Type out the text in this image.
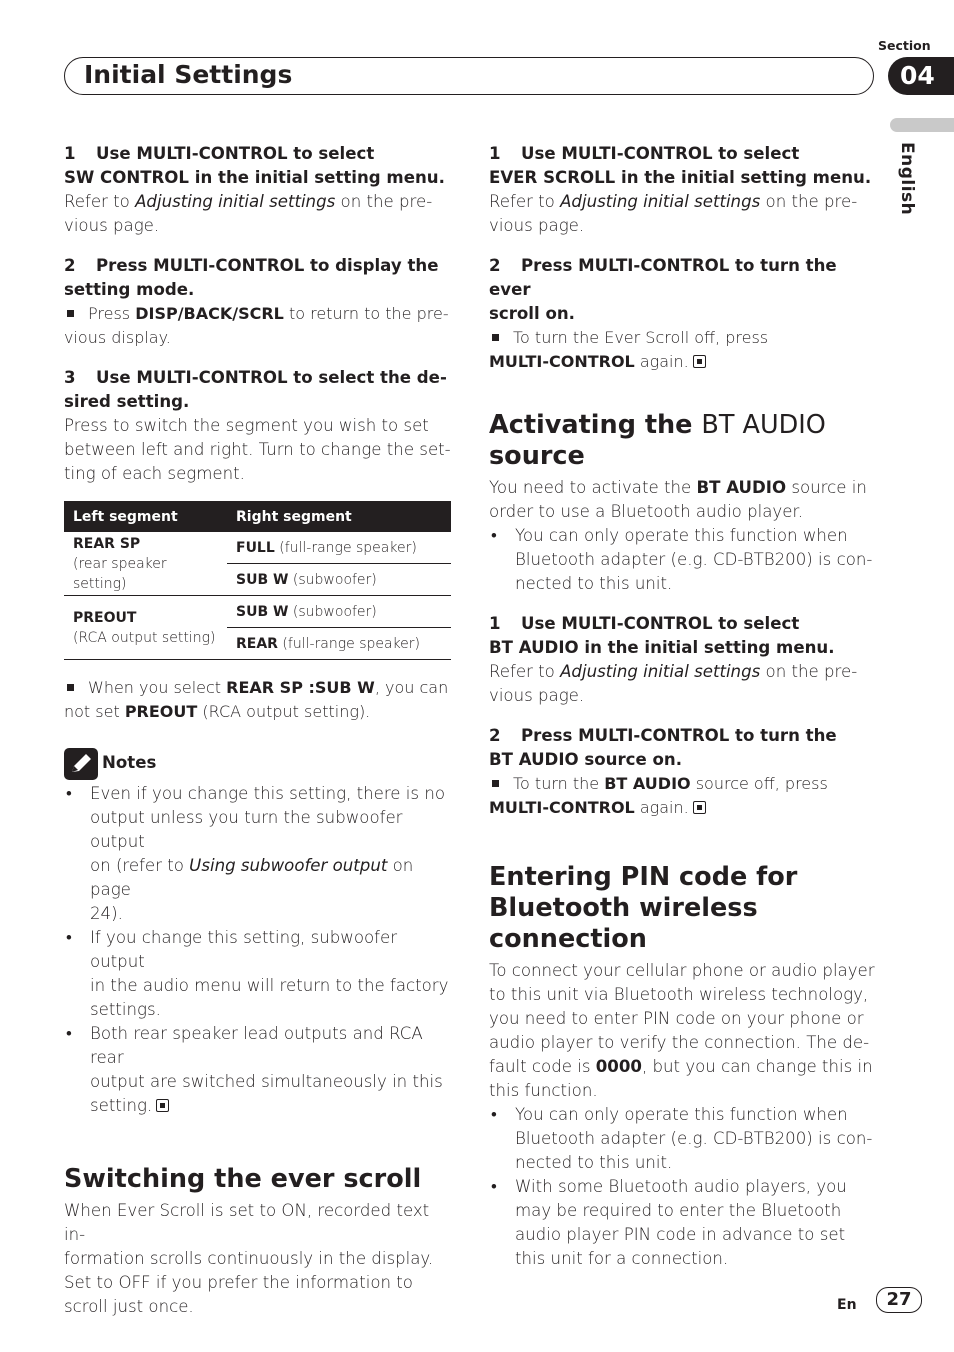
Section
Initial Settings	04
English
1 Use MULTI-CONTROL to select
SW CONTROL in the initial setting menu.
Refer to Adjusting initial settings on the pre-
vious page.
2 Press MULTI-CONTROL to display the
setting mode.
Press DISP/BACK/SCRL to return to the pre-
vious display.
3 Use MULTI-CONTROL to select the de-
sired setting.
Press to switch the segment you wish to set
between left and right. Turn to change the set-
ting of each segment.
Left segment	Right segment
REAR SP
(rear speaker setting)	FULL (full-range speaker)
	SUB W (subwoofer)
PREOUT
(RCA output setting)	SUB W (subwoofer)
	REAR (full-range speaker)
When you select REAR SP :SUB W, you can
not set PREOUT (RCA output setting).
Notes
• Even if you change this setting, there is no
output unless you turn the subwoofer output
on (refer to Using subwoofer output on page
24).
• If you change this setting, subwoofer output
in the audio menu will return to the factory
settings.
• Both rear speaker lead outputs and RCA rear
output are switched simultaneously in this
setting.
Switching the ever scroll
When Ever Scroll is set to ON, recorded text in-
formation scrolls continuously in the display.
Set to OFF if you prefer the information to
scroll just once.
1 Use MULTI-CONTROL to select
EVER SCROLL in the initial setting menu.
Refer to Adjusting initial settings on the pre-
vious page.
2 Press MULTI-CONTROL to turn the ever
scroll on.
To turn the Ever Scroll off, press
MULTI-CONTROL again.
Activating the BT AUDIO source
You need to activate the BT AUDIO source in
order to use a Bluetooth audio player.
• You can only operate this function when
Bluetooth adapter (e.g. CD-BTB200) is con-
nected to this unit.
1 Use MULTI-CONTROL to select
BT AUDIO in the initial setting menu.
Refer to Adjusting initial settings on the pre-
vious page.
2 Press MULTI-CONTROL to turn the
BT AUDIO source on.
To turn the BT AUDIO source off, press
MULTI-CONTROL again.
Entering PIN code for
Bluetooth wireless connection
To connect your cellular phone or audio player
to this unit via Bluetooth wireless technology,
you need to enter PIN code on your phone or
audio player to verify the connection. The de-
fault code is 0000, but you can change this in
this function.
• You can only operate this function when
Bluetooth adapter (e.g. CD-BTB200) is con-
nected to this unit.
• With some Bluetooth audio players, you
may be required to enter the Bluetooth
audio player PIN code in advance to set
this unit for a connection.
En	27
